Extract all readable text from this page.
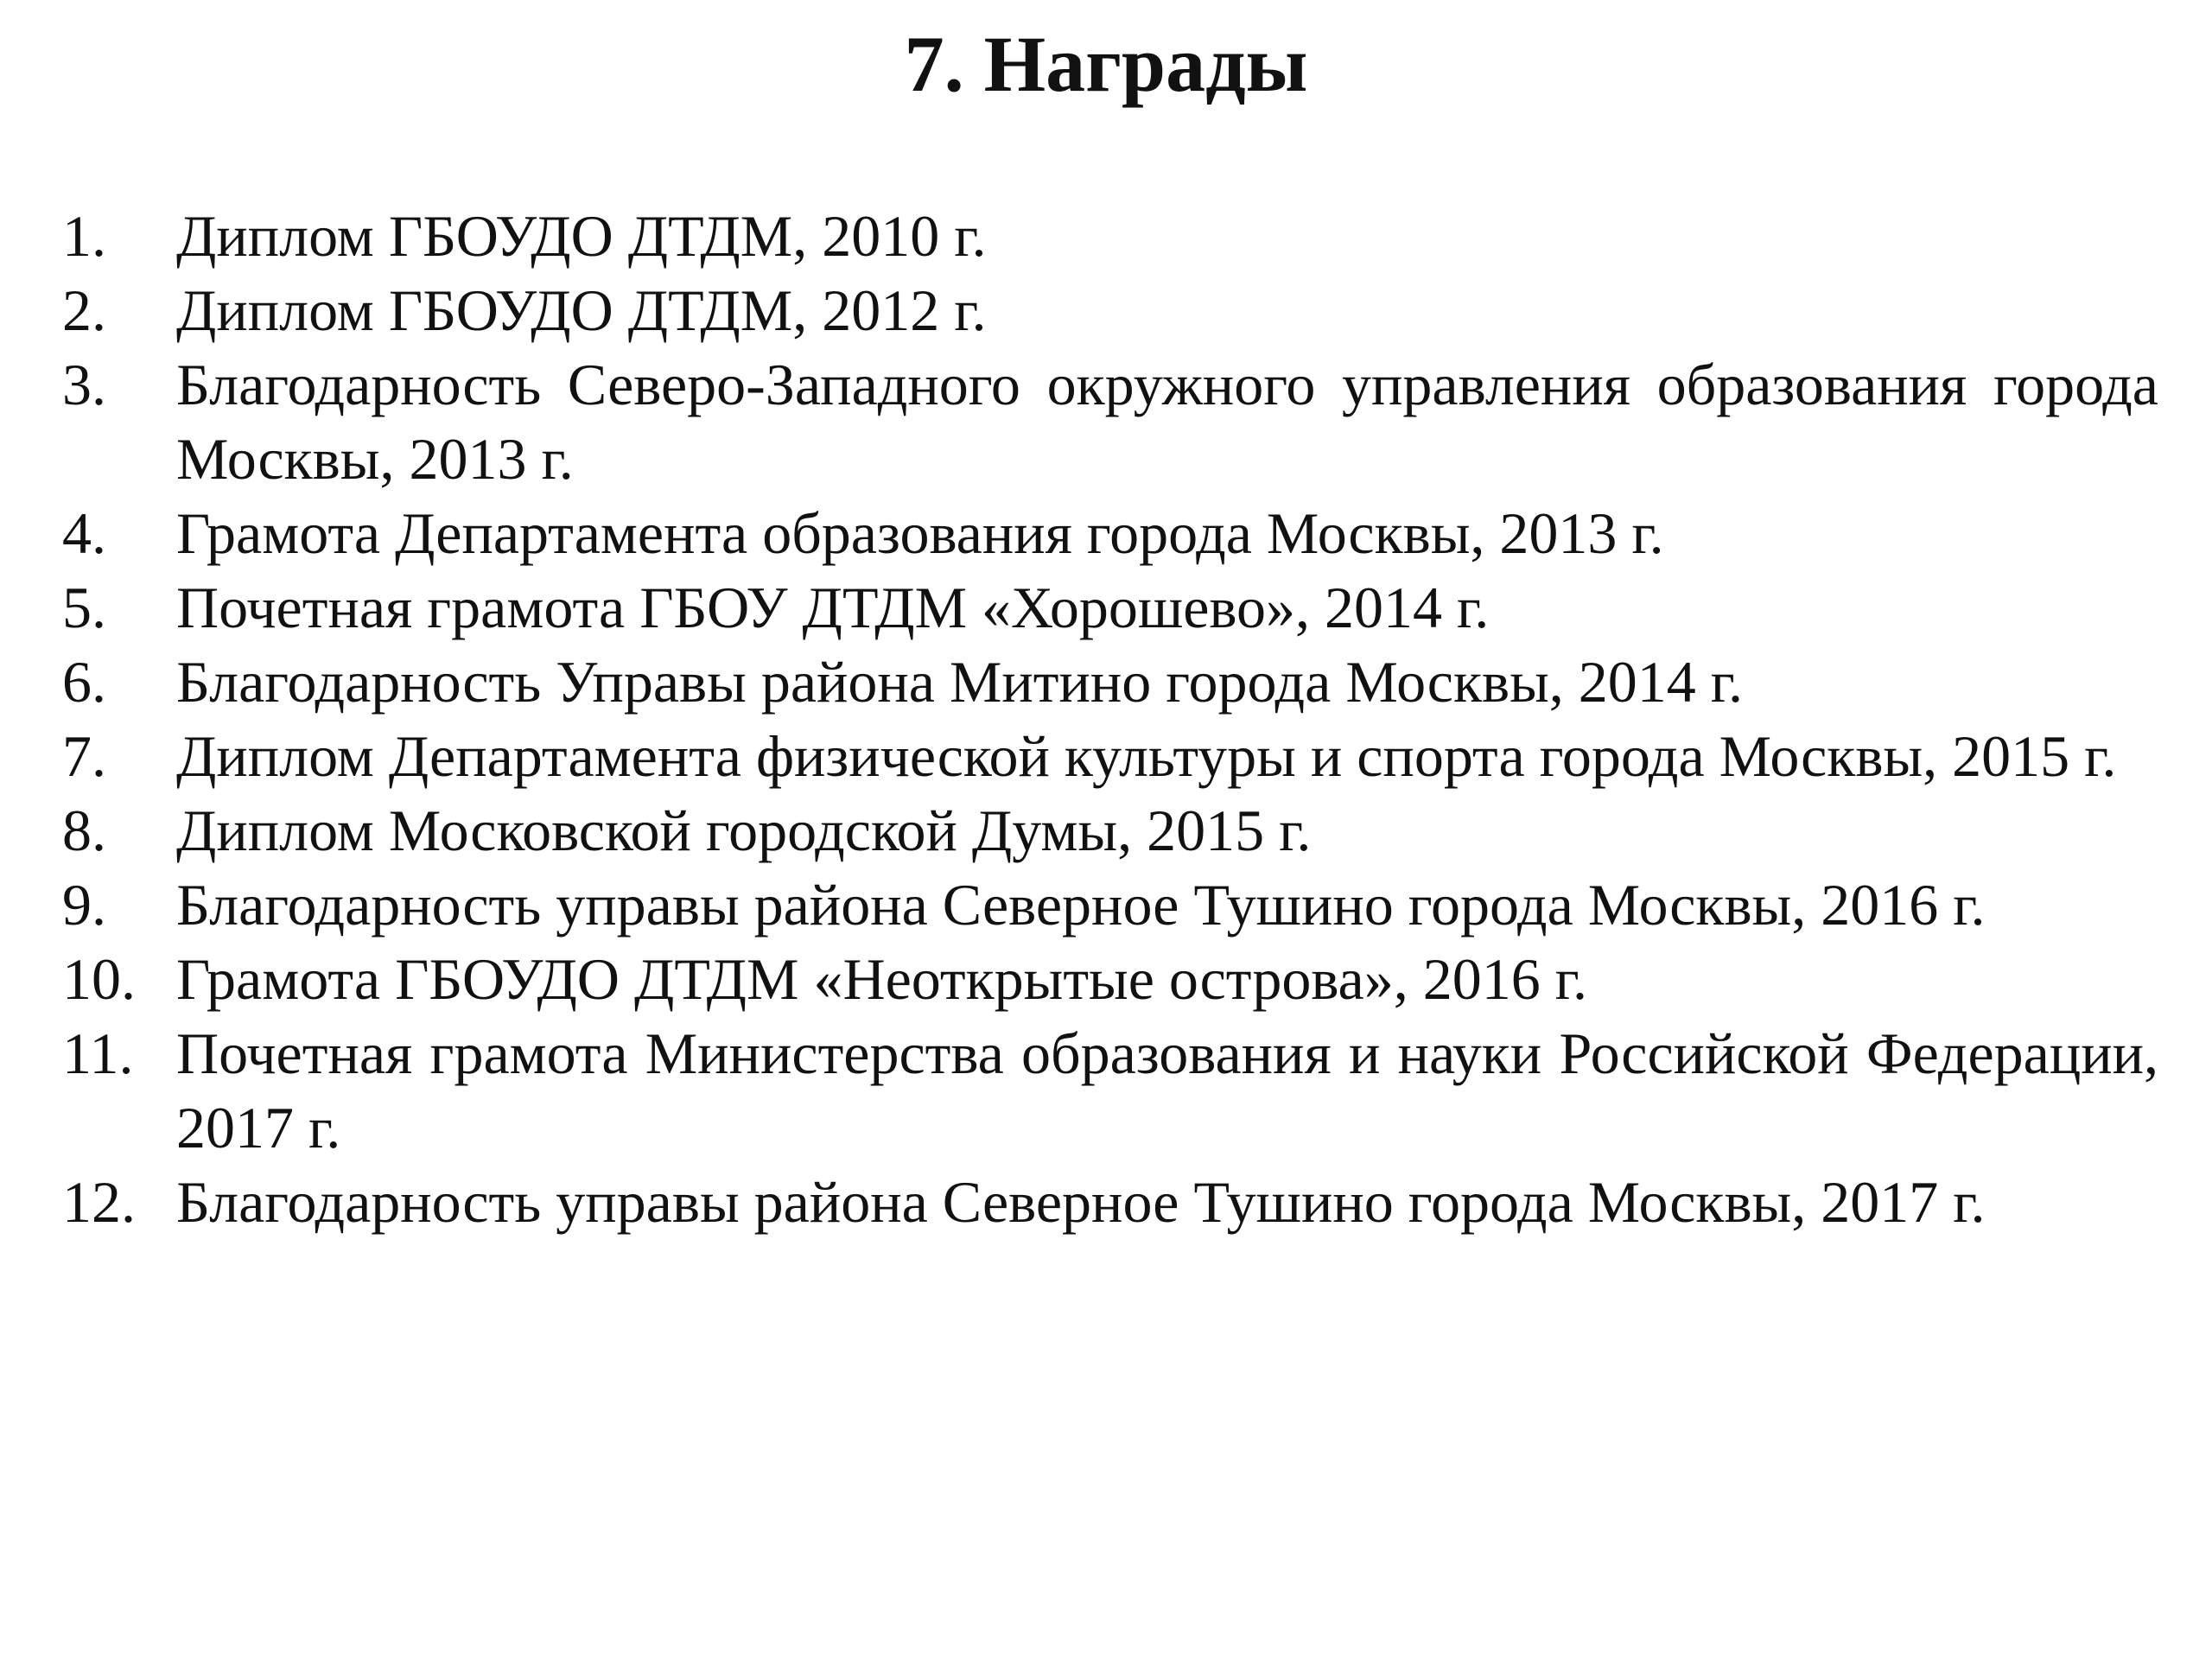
7. Награды
1.	Диплом ГБОУДО ДТДМ, 2010 г.
2.	Диплом ГБОУДО ДТДМ, 2012 г.
3.	Благодарность Северо-Западного окружного управления образования города Москвы, 2013 г.
4.	Грамота Департамента образования города Москвы, 2013 г.
5.	Почетная грамота ГБОУ ДТДМ «Хорошево», 2014 г.
6.	Благодарность Управы района Митино города Москвы, 2014 г.
7.	Диплом Департамента физической культуры и спорта города Москвы, 2015 г.
8.	Диплом Московской городской Думы, 2015 г.
9.	Благодарность управы района Северное Тушино города Москвы, 2016 г.
10. Грамота ГБОУДО ДТДМ «Неоткрытые острова», 2016 г.
11. Почетная грамота Министерства образования и науки Российской Федерации, 2017 г.
12. Благодарность управы района Северное Тушино города Москвы, 2017 г.
